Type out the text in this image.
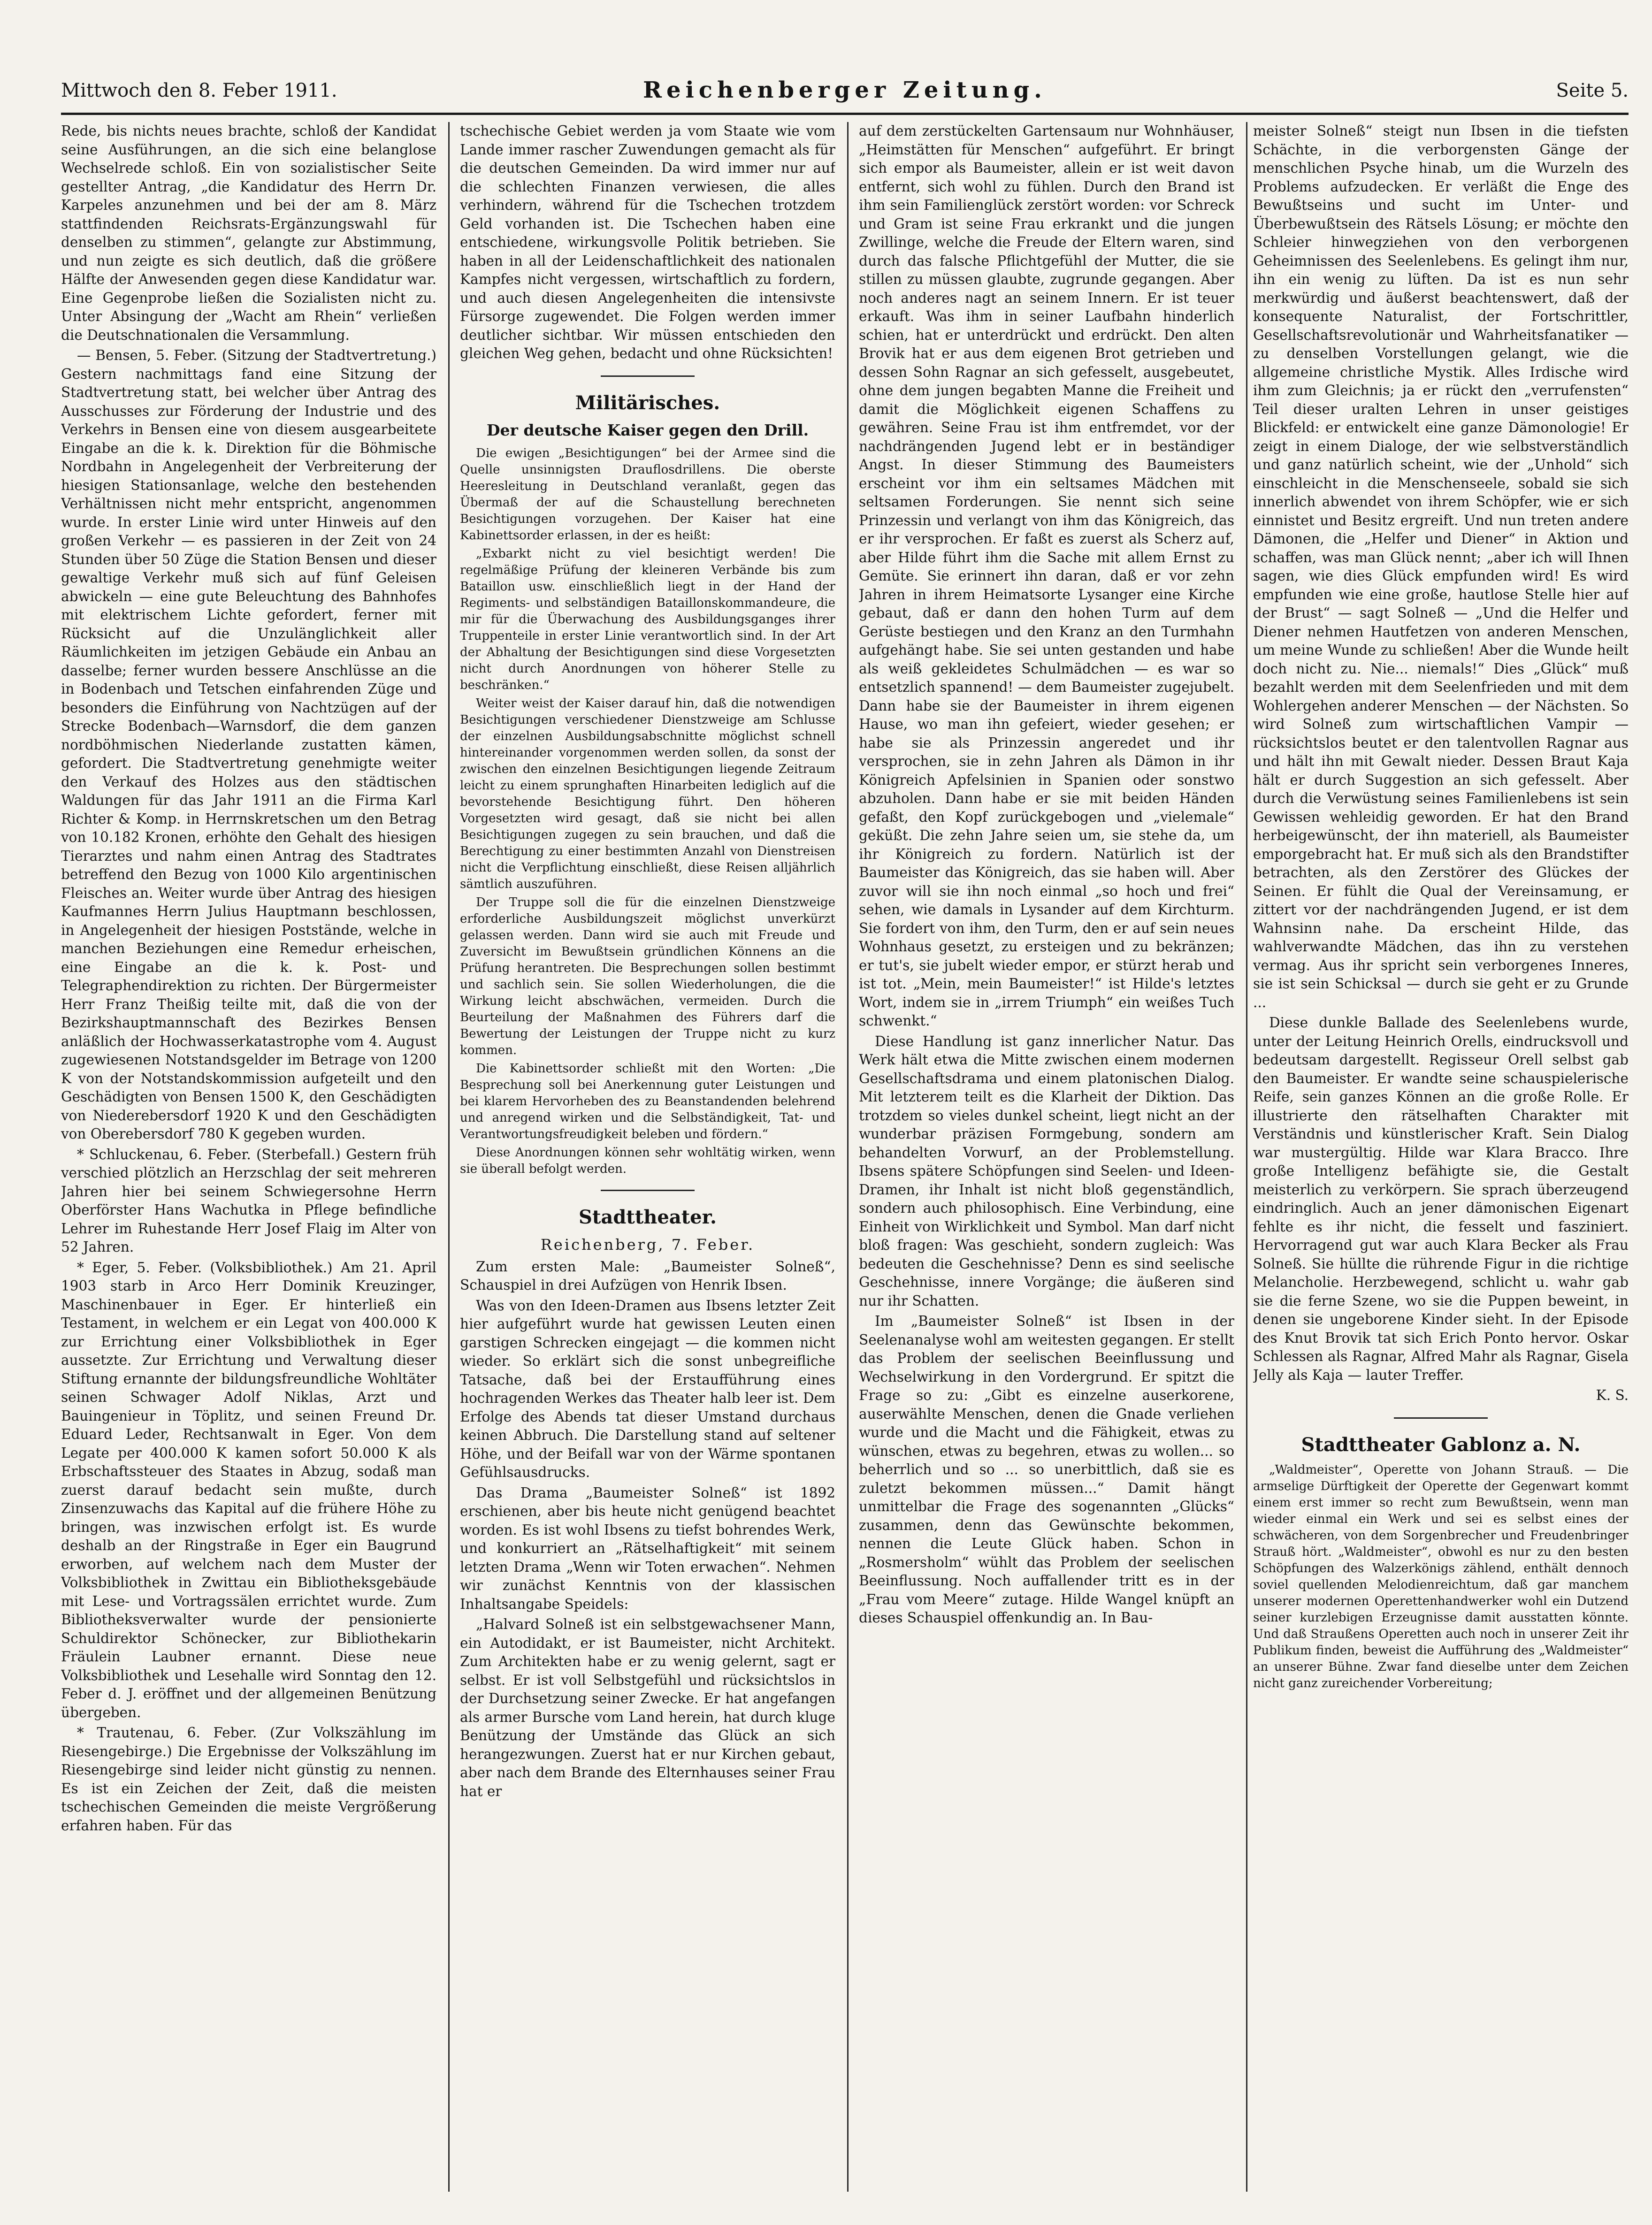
Mittwoch den 8. Feber 1911.	Reichenberger Zeitung.	Seite 5.

Rede, bis nichts neues brachte, schloß der Kandidat seine Ausführungen, an die sich eine belanglose Wechselrede schloß. Ein von sozialistischer Seite gestellter Antrag, „die Kandidatur des Herrn Dr. Karpeles anzunehmen und bei der am 8. März stattfindenden Reichsrats-Ergänzungswahl für denselben zu stimmen“, gelangte zur Abstimmung, und nun zeigte es sich deutlich, daß die größere Hälfte der Anwesenden gegen diese Kandidatur war. Eine Gegenprobe ließen die Sozialisten nicht zu. Unter Absingung der „Wacht am Rhein“ verließen die Deutschnationalen die Versammlung.

— Bensen, 5. Feber. (Sitzung der Stadtvertretung.) Gestern nachmittags fand eine Sitzung der Stadtvertretung statt, bei welcher über Antrag des Ausschusses zur Förderung der Industrie und des Verkehrs in Bensen eine von diesem ausgearbeitete Eingabe an die k. k. Direktion für die Böhmische Nordbahn in Angelegenheit der Verbreiterung der hiesigen Stationsanlage, welche den bestehenden Verhältnissen nicht mehr entspricht, angenommen wurde. In erster Linie wird unter Hinweis auf den großen Verkehr — es passieren in der Zeit von 24 Stunden über 50 Züge die Station Bensen und dieser gewaltige Verkehr muß sich auf fünf Geleisen abwickeln — eine gute Beleuchtung des Bahnhofes mit elektrischem Lichte gefordert, ferner mit Rücksicht auf die Unzulänglichkeit aller Räumlichkeiten im jetzigen Gebäude ein Anbau an dasselbe; ferner wurden bessere Anschlüsse an die in Bodenbach und Tetschen einfahrenden Züge und besonders die Einführung von Nachtzügen auf der Strecke Bodenbach—Warnsdorf, die dem ganzen nordböhmischen Niederlande zustatten kämen, gefordert. Die Stadtvertretung genehmigte weiter den Verkauf des Holzes aus den städtischen Waldungen für das Jahr 1911 an die Firma Karl Richter & Komp. in Herrnskretschen um den Betrag von 10.182 Kronen, erhöhte den Gehalt des hiesigen Tierarztes und nahm einen Antrag des Stadtrates betreffend den Bezug von 1000 Kilo argentinischen Fleisches an. Weiter wurde über Antrag des hiesigen Kaufmannes Herrn Julius Hauptmann beschlossen, in Angelegenheit der hiesigen Poststände, welche in manchen Beziehungen eine Remedur erheischen, eine Eingabe an die k. k. Post- und Telegraphendirektion zu richten. Der Bürgermeister Herr Franz Theißig teilte mit, daß die von der Bezirkshauptmannschaft des Bezirkes Bensen anläßlich der Hochwasserkatastrophe vom 4. August zugewiesenen Notstandsgelder im Betrage von 1200 K von der Notstandskommission aufgeteilt und den Geschädigten von Bensen 1500 K, den Geschädigten von Niederebersdorf 1920 K und den Geschädigten von Oberebersdorf 780 K gegeben wurden.

* Schluckenau, 6. Feber. (Sterbefall.) Gestern früh verschied plötzlich an Herzschlag der seit mehreren Jahren hier bei seinem Schwiegersohne Herrn Oberförster Hans Wachutka in Pflege befindliche Lehrer im Ruhestande Herr Josef Flaig im Alter von 52 Jahren.

* Eger, 5. Feber. (Volksbibliothek.) Am 21. April 1903 starb in Arco Herr Dominik Kreuzinger, Maschinenbauer in Eger. Er hinterließ ein Testament, in welchem er ein Legat von 400.000 K zur Errichtung einer Volksbibliothek in Eger aussetzte. Zur Errichtung und Verwaltung dieser Stiftung ernannte der bildungsfreundliche Wohltäter seinen Schwager Adolf Niklas, Arzt und Bauingenieur in Töplitz, und seinen Freund Dr. Eduard Leder, Rechtsanwalt in Eger. Von dem Legate per 400.000 K kamen sofort 50.000 K als Erbschaftssteuer des Staates in Abzug, sodaß man zuerst darauf bedacht sein mußte, durch Zinsenzuwachs das Kapital auf die frühere Höhe zu bringen, was inzwischen erfolgt ist. Es wurde deshalb an der Ringstraße in Eger ein Baugrund erworben, auf welchem nach dem Muster der Volksbibliothek in Zwittau ein Bibliotheksgebäude mit Lese- und Vortragssälen errichtet wurde. Zum Bibliotheksverwalter wurde der pensionierte Schuldirektor Schönecker, zur Bibliothekarin Fräulein Laubner ernannt. Diese neue Volksbibliothek und Lesehalle wird Sonntag den 12. Feber d. J. eröffnet und der allgemeinen Benützung übergeben.

* Trautenau, 6. Feber. (Zur Volkszählung im Riesengebirge.) Die Ergebnisse der Volkszählung im Riesengebirge sind leider nicht günstig zu nennen. Es ist ein Zeichen der Zeit, daß die meisten tschechischen Gemeinden die meiste Vergrößerung erfahren haben. Für das

tschechische Gebiet werden ja vom Staate wie vom Lande immer rascher Zuwendungen gemacht als für die deutschen Gemeinden. Da wird immer nur auf die schlechten Finanzen verwiesen, die alles verhindern, während für die Tschechen trotzdem Geld vorhanden ist. Die Tschechen haben eine entschiedene, wirkungsvolle Politik betrieben. Sie haben in all der Leidenschaftlichkeit des nationalen Kampfes nicht vergessen, wirtschaftlich zu fordern, und auch diesen Angelegenheiten die intensivste Fürsorge zugewendet. Die Folgen werden immer deutlicher sichtbar. Wir müssen entschieden den gleichen Weg gehen, bedacht und ohne Rücksichten!

Militärisches.
Der deutsche Kaiser gegen den Drill.

Die ewigen „Besichtigungen“ bei der Armee sind die Quelle unsinnigsten Drauflosdrillens. Die oberste Heeresleitung in Deutschland veranlaßt, gegen das Übermaß der auf die Schaustellung berechneten Besichtigungen vorzugehen. Der Kaiser hat eine Kabinettsorder erlassen, in der es heißt:

„Exbarkt nicht zu viel besichtigt werden! Die regelmäßige Prüfung der kleineren Verbände bis zum Bataillon usw. einschließlich liegt in der Hand der Regiments- und selbständigen Bataillonskommandeure, die mir für die Überwachung des Ausbildungsganges ihrer Truppenteile in erster Linie verantwortlich sind. In der Art der Abhaltung der Besichtigungen sind diese Vorgesetzten nicht durch Anordnungen von höherer Stelle zu beschränken.“

Weiter weist der Kaiser darauf hin, daß die notwendigen Besichtigungen verschiedener Dienstzweige am Schlusse der einzelnen Ausbildungsabschnitte möglichst schnell hintereinander vorgenommen werden sollen, da sonst der zwischen den einzelnen Besichtigungen liegende Zeitraum leicht zu einem sprunghaften Hinarbeiten lediglich auf die bevorstehende Besichtigung führt. Den höheren Vorgesetzten wird gesagt, daß sie nicht bei allen Besichtigungen zugegen zu sein brauchen, und daß die Berechtigung zu einer bestimmten Anzahl von Dienstreisen nicht die Verpflichtung einschließt, diese Reisen alljährlich sämtlich auszuführen.

Der Truppe soll die für die einzelnen Dienstzweige erforderliche Ausbildungszeit möglichst unverkürzt gelassen werden. Dann wird sie auch mit Freude und Zuversicht im Bewußtsein gründlichen Könnens an die Prüfung herantreten. Die Besprechungen sollen bestimmt und sachlich sein. Sie sollen Wiederholungen, die die Wirkung leicht abschwächen, vermeiden. Durch die Beurteilung der Maßnahmen des Führers darf die Bewertung der Leistungen der Truppe nicht zu kurz kommen.

Die Kabinettsorder schließt mit den Worten: „Die Besprechung soll bei Anerkennung guter Leistungen und bei klarem Hervorheben des zu Beanstandenden belehrend und anregend wirken und die Selbständigkeit, Tat- und Verantwortungsfreudigkeit beleben und fördern.“

Diese Anordnungen können sehr wohltätig wirken, wenn sie überall befolgt werden.

Stadttheater.
Reichenberg, 7. Feber.

Zum ersten Male: „Baumeister Solneß“, Schauspiel in drei Aufzügen von Henrik Ibsen.

Was von den Ideen-Dramen aus Ibsens letzter Zeit hier aufgeführt wurde hat gewissen Leuten einen garstigen Schrecken eingejagt — die kommen nicht wieder. So erklärt sich die sonst unbegreifliche Tatsache, daß bei der Erstaufführung eines hochragenden Werkes das Theater halb leer ist. Dem Erfolge des Abends tat dieser Umstand durchaus keinen Abbruch. Die Darstellung stand auf seltener Höhe, und der Beifall war von der Wärme spontanen Gefühlsausdrucks.

Das Drama „Baumeister Solneß“ ist 1892 erschienen, aber bis heute nicht genügend beachtet worden. Es ist wohl Ibsens zu tiefst bohrendes Werk, und konkurriert an „Rätselhaftigkeit“ mit seinem letzten Drama „Wenn wir Toten erwachen“. Nehmen wir zunächst Kenntnis von der klassischen Inhaltsangabe Speidels:

„Halvard Solneß ist ein selbstgewachsener Mann, ein Autodidakt, er ist Baumeister, nicht Architekt. Zum Architekten habe er zu wenig gelernt, sagt er selbst. Er ist voll Selbstgefühl und rücksichtslos in der Durchsetzung seiner Zwecke. Er hat angefangen als armer Bursche vom Land herein, hat durch kluge Benützung der Umstände das Glück an sich herangezwungen. Zuerst hat er nur Kirchen gebaut, aber nach dem Brande des Elternhauses seiner Frau hat er

auf dem zerstückelten Gartensaum nur Wohnhäuser, „Heimstätten für Menschen“ aufgeführt. Er bringt sich empor als Baumeister, allein er ist weit davon entfernt, sich wohl zu fühlen. Durch den Brand ist ihm sein Familienglück zerstört worden: vor Schreck und Gram ist seine Frau erkrankt und die jungen Zwillinge, welche die Freude der Eltern waren, sind durch das falsche Pflichtgefühl der Mutter, die sie stillen zu müssen glaubte, zugrunde gegangen. Aber noch anderes nagt an seinem Innern. Er ist teuer erkauft. Was ihm in seiner Laufbahn hinderlich schien, hat er unterdrückt und erdrückt. Den alten Brovik hat er aus dem eigenen Brot getrieben und dessen Sohn Ragnar an sich gefesselt, ausgebeutet, ohne dem jungen begabten Manne die Freiheit und damit die Möglichkeit eigenen Schaffens zu gewähren. Seine Frau ist ihm entfremdet, vor der nachdrängenden Jugend lebt er in beständiger Angst. In dieser Stimmung des Baumeisters erscheint vor ihm ein seltsames Mädchen mit seltsamen Forderungen. Sie nennt sich seine Prinzessin und verlangt von ihm das Königreich, das er ihr versprochen. Er faßt es zuerst als Scherz auf, aber Hilde führt ihm die Sache mit allem Ernst zu Gemüte. Sie erinnert ihn daran, daß er vor zehn Jahren in ihrem Heimatsorte Lysanger eine Kirche gebaut, daß er dann den hohen Turm auf dem Gerüste bestiegen und den Kranz an den Turmhahn aufgehängt habe. Sie sei unten gestanden und habe als weiß gekleidetes Schulmädchen — es war so entsetzlich spannend! — dem Baumeister zugejubelt. Dann habe sie der Baumeister in ihrem eigenen Hause, wo man ihn gefeiert, wieder gesehen; er habe sie als Prinzessin angeredet und ihr versprochen, sie in zehn Jahren als Dämon in ihr Königreich Apfelsinien in Spanien oder sonstwo abzuholen. Dann habe er sie mit beiden Händen gefaßt, den Kopf zurückgebogen und „vielemale“ geküßt. Die zehn Jahre seien um, sie stehe da, um ihr Königreich zu fordern. Natürlich ist der Baumeister das Königreich, das sie haben will. Aber zuvor will sie ihn noch einmal „so hoch und frei“ sehen, wie damals in Lysander auf dem Kirchturm. Sie fordert von ihm, den Turm, den er auf sein neues Wohnhaus gesetzt, zu ersteigen und zu bekränzen; er tut's, sie jubelt wieder empor, er stürzt herab und ist tot. „Mein, mein Baumeister!“ ist Hilde's letztes Wort, indem sie in „irrem Triumph“ ein weißes Tuch schwenkt.“

Diese Handlung ist ganz innerlicher Natur. Das Werk hält etwa die Mitte zwischen einem modernen Gesellschaftsdrama und einem platonischen Dialog. Mit letzterem teilt es die Klarheit der Diktion. Das trotzdem so vieles dunkel scheint, liegt nicht an der wunderbar präzisen Formgebung, sondern am behandelten Vorwurf, an der Problemstellung. Ibsens spätere Schöpfungen sind Seelen- und Ideen-Dramen, ihr Inhalt ist nicht bloß gegenständlich, sondern auch philosophisch. Eine Verbindung, eine Einheit von Wirklichkeit und Symbol. Man darf nicht bloß fragen: Was geschieht, sondern zugleich: Was bedeuten die Geschehnisse? Denn es sind seelische Geschehnisse, innere Vorgänge; die äußeren sind nur ihr Schatten.

Im „Baumeister Solneß“ ist Ibsen in der Seelenanalyse wohl am weitesten gegangen. Er stellt das Problem der seelischen Beeinflussung und Wechselwirkung in den Vordergrund. Er spitzt die Frage so zu: „Gibt es einzelne auserkorene, auserwählte Menschen, denen die Gnade verliehen wurde und die Macht und die Fähigkeit, etwas zu wünschen, etwas zu begehren, etwas zu wollen... so beherrlich und so ... so unerbittlich, daß sie es zuletzt bekommen müssen...“ Damit hängt unmittelbar die Frage des sogenannten „Glücks“ zusammen, denn das Gewünschte bekommen, nennen die Leute Glück haben. Schon in „Rosmersholm“ wühlt das Problem der seelischen Beeinflussung. Noch auffallender tritt es in der „Frau vom Meere“ zutage. Hilde Wangel knüpft an dieses Schauspiel offenkundig an. In Bau-

meister Solneß“ steigt nun Ibsen in die tiefsten Schächte, in die verborgensten Gänge der menschlichen Psyche hinab, um die Wurzeln des Problems aufzudecken. Er verläßt die Enge des Bewußtseins und sucht im Unter- und Überbewußtsein des Rätsels Lösung; er möchte den Schleier hinwegziehen von den verborgenen Geheimnissen des Seelenlebens. Es gelingt ihm nur, ihn ein wenig zu lüften. Da ist es nun sehr merkwürdig und äußerst beachtenswert, daß der konsequente Naturalist, der Fortschrittler, Gesellschaftsrevolutionär und Wahrheitsfanatiker — zu denselben Vorstellungen gelangt, wie die allgemeine christliche Mystik. Alles Irdische wird ihm zum Gleichnis; ja er rückt den „verrufensten“ Teil dieser uralten Lehren in unser geistiges Blickfeld: er entwickelt eine ganze Dämonologie! Er zeigt in einem Dialoge, der wie selbstverständlich und ganz natürlich scheint, wie der „Unhold“ sich einschleicht in die Menschenseele, sobald sie sich innerlich abwendet von ihrem Schöpfer, wie er sich einnistet und Besitz ergreift. Und nun treten andere Dämonen, die „Helfer und Diener“ in Aktion und schaffen, was man Glück nennt; „aber ich will Ihnen sagen, wie dies Glück empfunden wird! Es wird empfunden wie eine große, hautlose Stelle hier auf der Brust“ — sagt Solneß — „Und die Helfer und Diener nehmen Hautfetzen von anderen Menschen, um meine Wunde zu schließen! Aber die Wunde heilt doch nicht zu. Nie... niemals!“ Dies „Glück“ muß bezahlt werden mit dem Seelenfrieden und mit dem Wohlergehen anderer Menschen — der Nächsten. So wird Solneß zum wirtschaftlichen Vampir — rücksichtslos beutet er den talentvollen Ragnar aus und hält ihn mit Gewalt nieder. Dessen Braut Kaja hält er durch Suggestion an sich gefesselt. Aber durch die Verwüstung seines Familienlebens ist sein Gewissen wehleidig geworden. Er hat den Brand herbeigewünscht, der ihn materiell, als Baumeister emporgebracht hat. Er muß sich als den Brandstifter betrachten, als den Zerstörer des Glückes der Seinen. Er fühlt die Qual der Vereinsamung, er zittert vor der nachdrängenden Jugend, er ist dem Wahnsinn nahe. Da erscheint Hilde, das wahlverwandte Mädchen, das ihn zu verstehen vermag. Aus ihr spricht sein verborgenes Inneres, sie ist sein Schicksal — durch sie geht er zu Grunde ...

Diese dunkle Ballade des Seelenlebens wurde, unter der Leitung Heinrich Orells, eindrucksvoll und bedeutsam dargestellt. Regisseur Orell selbst gab den Baumeister. Er wandte seine schauspielerische Reife, sein ganzes Können an die große Rolle. Er illustrierte den rätselhaften Charakter mit Verständnis und künstlerischer Kraft. Sein Dialog war mustergültig. Hilde war Klara Bracco. Ihre große Intelligenz befähigte sie, die Gestalt meisterlich zu verkörpern. Sie sprach überzeugend eindringlich. Auch an jener dämonischen Eigenart fehlte es ihr nicht, die fesselt und fasziniert. Hervorragend gut war auch Klara Becker als Frau Solneß. Sie hüllte die rührende Figur in die richtige Melancholie. Herzbewegend, schlicht u. wahr gab sie die ferne Szene, wo sie die Puppen beweint, in denen sie ungeborene Kinder sieht. In der Episode des Knut Brovik tat sich Erich Ponto hervor. Oskar Schlessen als Ragnar, Alfred Mahr als Ragnar, Gisela Jelly als Kaja — lauter Treffer.

K. S.

Stadttheater Gablonz a. N.

„Waldmeister“, Operette von Johann Strauß. — Die armselige Dürftigkeit der Operette der Gegenwart kommt einem erst immer so recht zum Bewußtsein, wenn man wieder einmal ein Werk und sei es selbst eines der schwächeren, von dem Sorgenbrecher und Freudenbringer Strauß hört. „Waldmeister“, obwohl es nur zu den besten Schöpfungen des Walzerkönigs zählend, enthält dennoch soviel quellenden Melodienreichtum, daß gar manchem unserer modernen Operettenhandwerker wohl ein Dutzend seiner kurzlebigen Erzeugnisse damit ausstatten könnte. Und daß Straußens Operetten auch noch in unserer Zeit ihr Publikum finden, beweist die Aufführung des „Waldmeister“ an unserer Bühne. Zwar fand dieselbe unter dem Zeichen nicht ganz zureichender Vorbereitung;
